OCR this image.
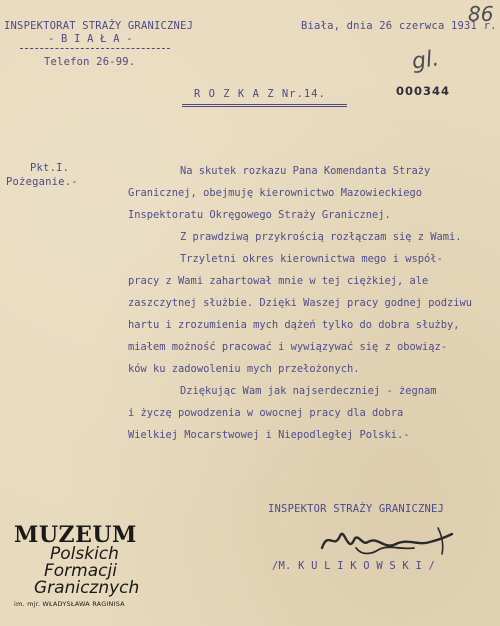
INSPEKTORAT STRAŻY GRANICZNEJ
- B I A Ł A -
Telefon 26-99.
Biała, dnia 26 czerwca 1931 r.
86
gl.
000344
R O Z K A Z Nr.14.
Pkt.I.
Pożeganie.-
Na skutek rozkazu Pana Komendanta Straży
Granicznej, obejmuję kierownictwo Mazowieckiego
Inspektoratu Okręgowego Straży Granicznej.
Z prawdziwą przykrością rozłączam się z Wami.
Trzyletni okres kierownictwa mego i współ-
pracy z Wami zahartował mnie w tej ciężkiej, ale
zaszczytnej służbie. Dzięki Waszej pracy godnej podziwu
hartu i zrozumienia mych dążeń tylko do dobra służby,
miałem możność pracować i wywiązywać się z obowiąz-
ków ku zadowoleniu mych przełożonych.
Dziękując Wam jak najserdeczniej - żegnam
i życzę powodzenia w owocnej pracy dla dobra
Wielkiej Mocarstwowej i Niepodległej Polski.-
INSPEKTOR STRAŻY GRANICZNEJ
/M. K U L I K O W S K I /
MUZEUM
Polskich
Formacji
Granicznych
im. mjr. WŁADYSŁAWA RAGINISA
